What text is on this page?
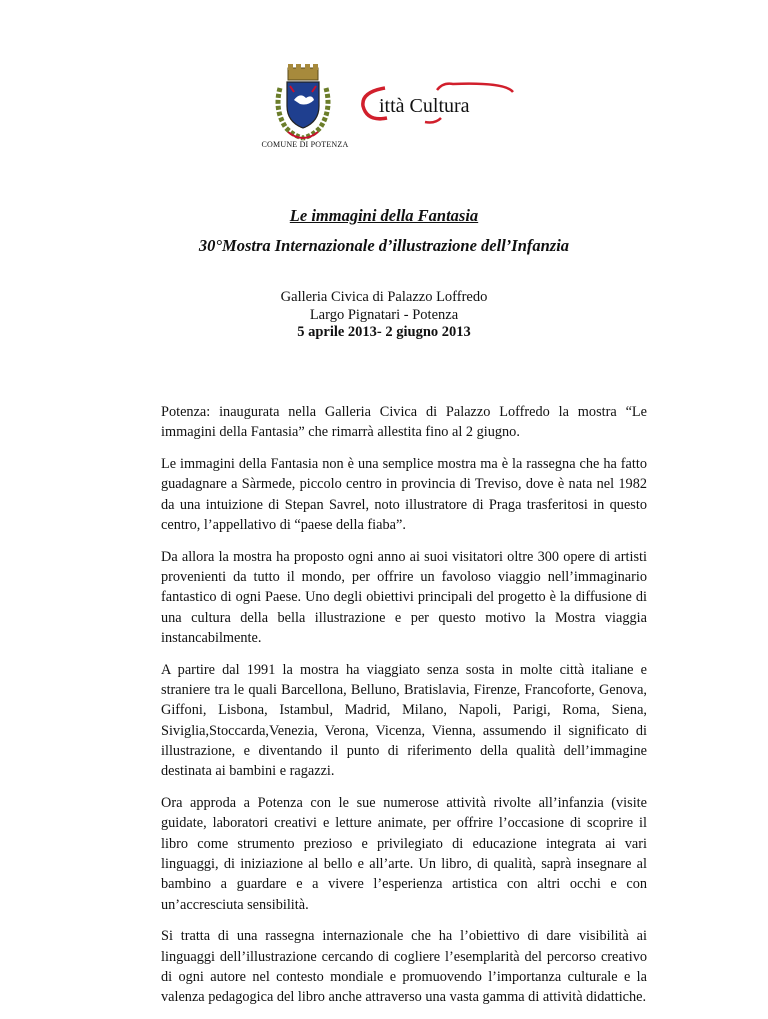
COMUNE DI POTENZA
ittà Cultura
Le immagini della Fantasia
30°Mostra Internazionale d’illustrazione dell’Infanzia
Galleria Civica di Palazzo Loffredo
Largo Pignatari - Potenza
5 aprile 2013- 2 giugno 2013

Potenza: inaugurata nella Galleria Civica di Palazzo Loffredo la mostra “Le immagini della Fantasia” che rimarrà allestita fino al 2 giugno.

Le immagini della Fantasia non è una semplice mostra ma è la rassegna che ha fatto guadagnare a Sàrmede, piccolo centro in provincia di Treviso, dove è nata nel 1982 da una intuizione di Stepan Savrel, noto illustratore di Praga trasferitosi in questo centro, l’appellativo di “paese della fiaba”.

Da allora la mostra ha proposto ogni anno ai suoi visitatori oltre 300 opere di artisti provenienti da tutto il mondo, per offrire un favoloso viaggio nell’immaginario fantastico di ogni Paese. Uno degli obiettivi principali del progetto è la diffusione di una cultura della bella illustrazione e per questo motivo la Mostra viaggia instancabilmente.

A partire dal 1991 la mostra ha viaggiato senza sosta in molte città italiane e straniere tra le quali Barcellona, Belluno, Bratislavia, Firenze, Francoforte, Genova, Giffoni, Lisbona, Istambul, Madrid, Milano, Napoli, Parigi, Roma, Siena, Siviglia,Stoccarda,Venezia, Verona, Vicenza, Vienna, assumendo il significato di illustrazione, e diventando il punto di riferimento della qualità dell’immagine destinata ai bambini e ragazzi.

Ora approda a Potenza con le sue numerose attività rivolte all’infanzia (visite guidate, laboratori creativi e letture animate, per offrire l’occasione di scoprire il libro come strumento prezioso e privilegiato di educazione integrata ai vari linguaggi, di iniziazione al bello e all’arte. Un libro, di qualità, saprà insegnare al bambino a guardare e a vivere l’esperienza artistica con altri occhi e con un’accresciuta sensibilità.

Si tratta di una rassegna internazionale che ha l’obiettivo di dare visibilità ai linguaggi dell’illustrazione cercando di cogliere l’esemplarità del percorso creativo di ogni autore nel contesto mondiale e promuovendo l’importanza culturale e la valenza pedagogica del libro anche attraverso una vasta gamma di attività didattiche.
